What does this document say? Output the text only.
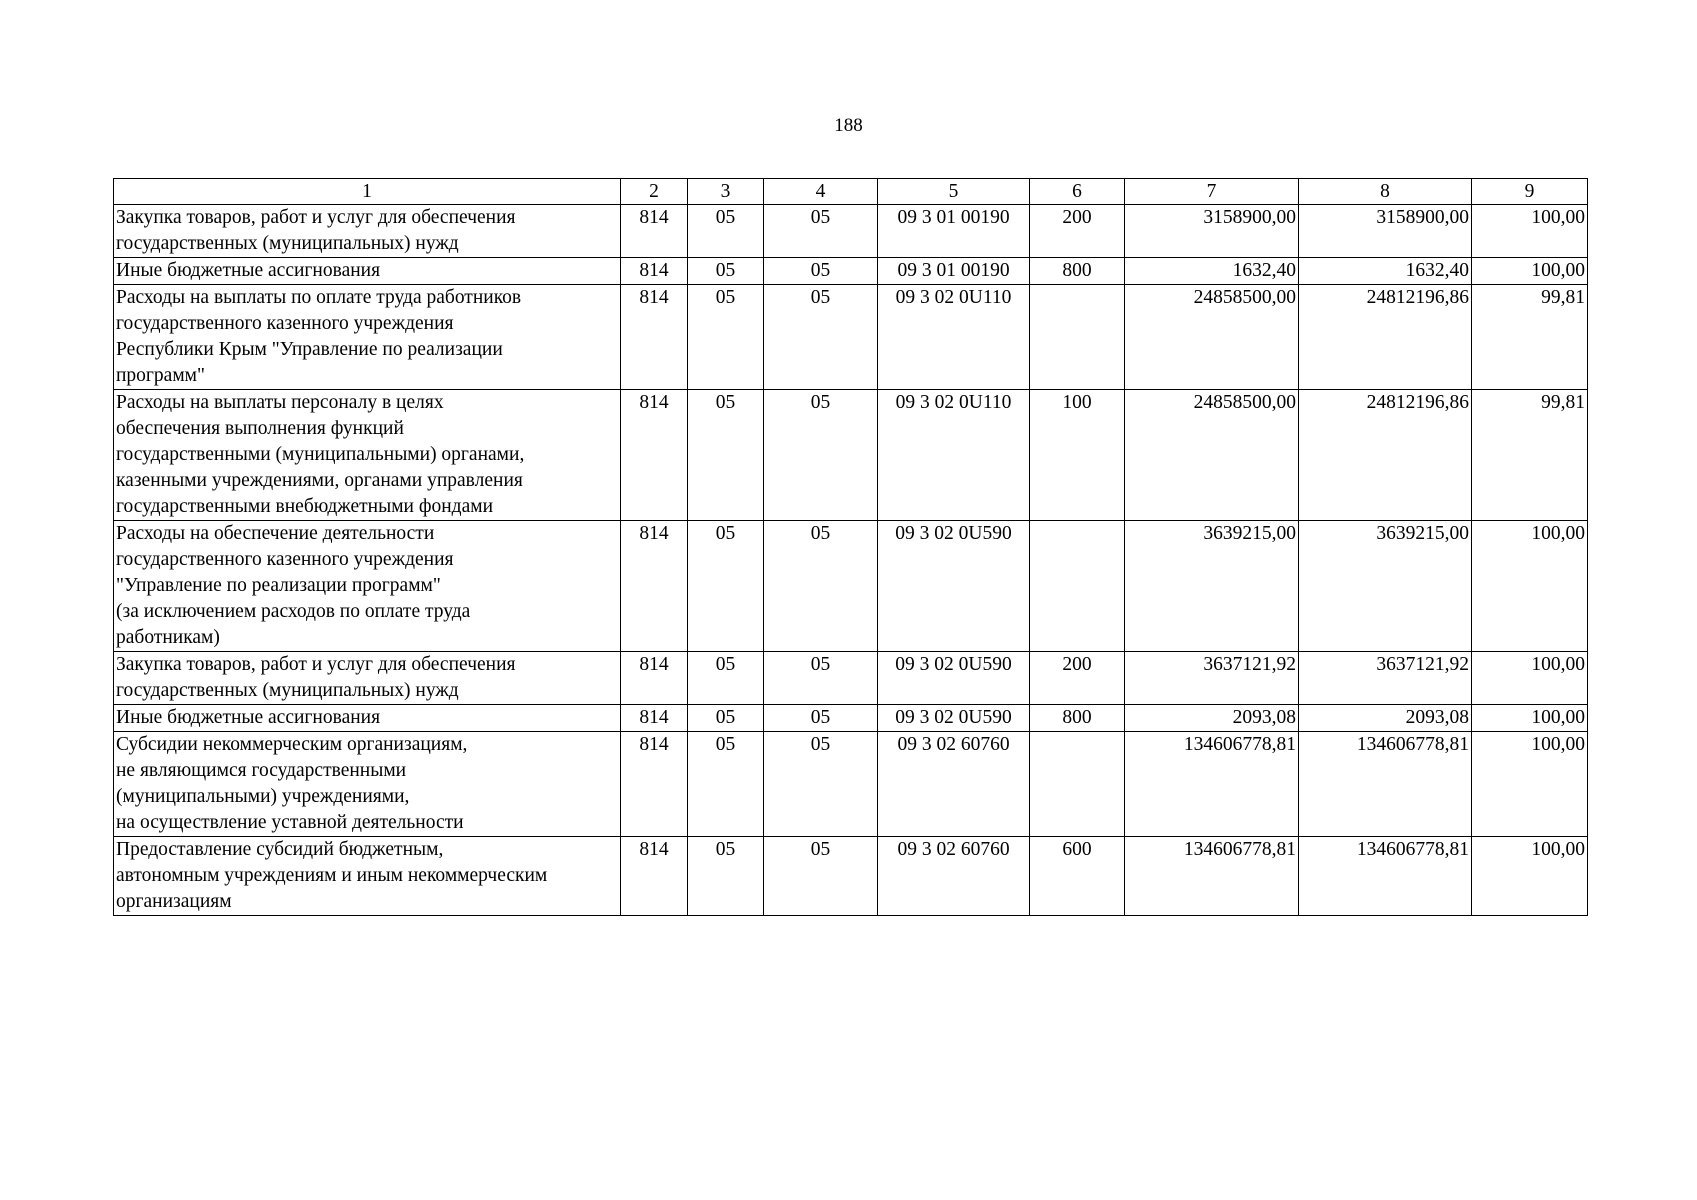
188
1	2	3	4	5	6	7	8	9
Закупка товаров, работ и услуг для обеспечения
государственных (муниципальных) нужд	814	05	05	09 3 01 00190	200	3158900,00	3158900,00	100,00
Иные бюджетные ассигнования	814	05	05	09 3 01 00190	800	1632,40	1632,40	100,00
Расходы на выплаты по оплате труда работников
государственного казенного учреждения
Республики Крым "Управление по реализации
программ"	814	05	05	09 3 02 0U110		24858500,00	24812196,86	99,81
Расходы на выплаты персоналу в целях
обеспечения выполнения функций
государственными (муниципальными) органами,
казенными учреждениями, органами управления
государственными внебюджетными фондами	814	05	05	09 3 02 0U110	100	24858500,00	24812196,86	99,81
Расходы на обеспечение деятельности
государственного казенного учреждения
"Управление по реализации программ"
(за исключением расходов по оплате труда
работникам)	814	05	05	09 3 02 0U590		3639215,00	3639215,00	100,00
Закупка товаров, работ и услуг для обеспечения
государственных (муниципальных) нужд	814	05	05	09 3 02 0U590	200	3637121,92	3637121,92	100,00
Иные бюджетные ассигнования	814	05	05	09 3 02 0U590	800	2093,08	2093,08	100,00
Субсидии некоммерческим организациям,
не являющимся государственными
(муниципальными) учреждениями,
на осуществление уставной деятельности	814	05	05	09 3 02 60760		134606778,81	134606778,81	100,00
Предоставление субсидий бюджетным,
автономным учреждениям и иным некоммерческим
организациям	814	05	05	09 3 02 60760	600	134606778,81	134606778,81	100,00
